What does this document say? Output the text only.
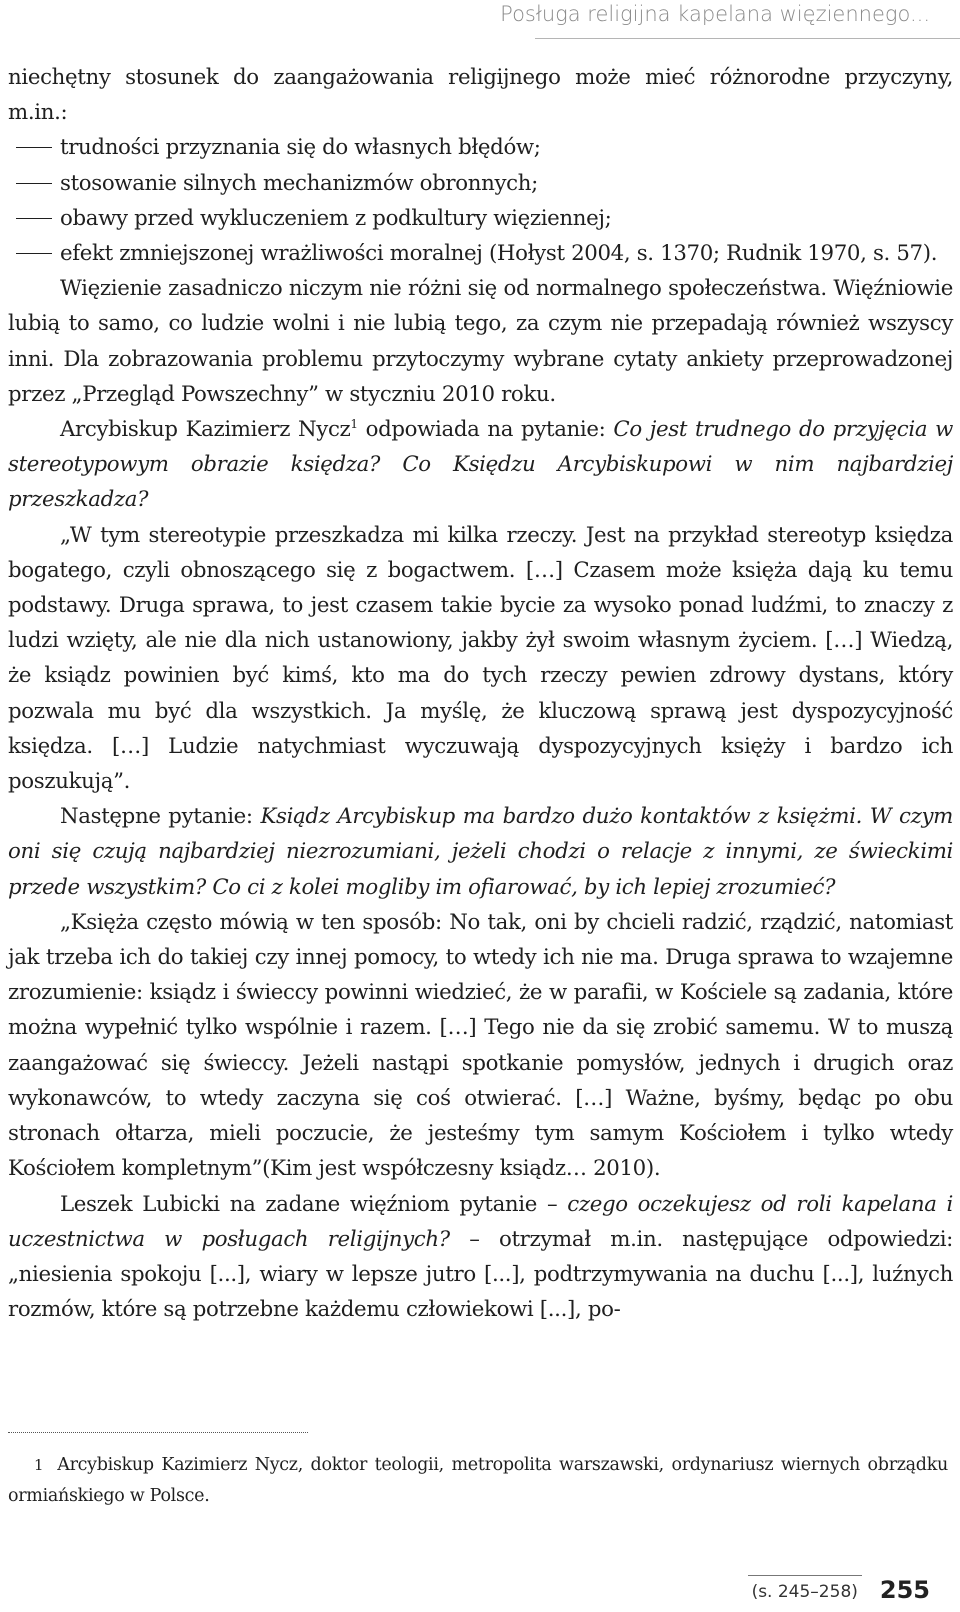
Posługa religijna kapelana więziennego...

niechętny stosunek do zaangażowania religijnego może mieć różnorodne przyczyny, m.in.:

trudności przyznania się do własnych błędów;
stosowanie silnych mechanizmów obronnych;
obawy przed wykluczeniem z podkultury więziennej;
efekt zmniejszonej wrażliwości moralnej (Hołyst 2004, s. 1370; Rudnik 1970, s. 57).

Więzienie zasadniczo niczym nie różni się od normalnego społeczeństwa. Więźniowie lubią to samo, co ludzie wolni i nie lubią tego, za czym nie przepadają również wszyscy inni. Dla zobrazowania problemu przytoczymy wybrane cytaty ankiety przeprowadzonej przez „Przegląd Powszechny” w styczniu 2010 roku.

Arcybiskup Kazimierz Nycz$^1$ odpowiada na pytanie: Co jest trudnego do przyjęcia w stereotypowym obrazie księdza? Co Księdzu Arcybiskupowi w nim najbardziej przeszkadza?

„W tym stereotypie przeszkadza mi kilka rzeczy. Jest na przykład stereotyp księdza bogatego, czyli obnoszącego się z bogactwem. […] Czasem może księża dają ku temu podstawy. Druga sprawa, to jest czasem takie bycie za wysoko ponad ludźmi, to znaczy z ludzi wzięty, ale nie dla nich ustanowiony, jakby żył swoim własnym życiem. […] Wiedzą, że ksiądz powinien być kimś, kto ma do tych rzeczy pewien zdrowy dystans, który pozwala mu być dla wszystkich. Ja myślę, że kluczową sprawą jest dyspozycyjność księdza. […] Ludzie natychmiast wyczuwają dyspozycyjnych księży i bardzo ich poszukują”.

Następne pytanie: Ksiądz Arcybiskup ma bardzo dużo kontaktów z księżmi. W czym oni się czują najbardziej niezrozumiani, jeżeli chodzi o relacje z innymi, ze świeckimi przede wszystkim? Co ci z kolei mogliby im ofiarować, by ich lepiej zrozumieć?

„Księża często mówią w ten sposób: No tak, oni by chcieli radzić, rządzić, natomiast jak trzeba ich do takiej czy innej pomocy, to wtedy ich nie ma. Druga sprawa to wzajemne zrozumienie: ksiądz i świeccy powinni wiedzieć, że w parafii, w Kościele są zadania, które można wypełnić tylko wspólnie i razem. […] Tego nie da się zrobić samemu. W to muszą zaangażować się świeccy. Jeżeli nastąpi spotkanie pomysłów, jednych i drugich oraz wykonawców, to wtedy zaczyna się coś otwierać. […] Ważne, byśmy, będąc po obu stronach ołtarza, mieli poczucie, że jesteśmy tym samym Kościołem i tylko wtedy Kościołem kompletnym”(Kim jest współczesny ksiądz… 2010).

Leszek Lubicki na zadane więźniom pytanie – czego oczekujesz od roli kapelana i uczestnictwa w posługach religijnych? – otrzymał m.in. następujące odpowiedzi: „niesienia spokoju [...], wiary w lepsze jutro [...], podtrzymywania na duchu [...], luźnych rozmów, które są potrzebne każdemu człowiekowi [...], po-

1 Arcybiskup Kazimierz Nycz, doktor teologii, metropolita warszawski, ordynariusz wiernych obrządku ormiańskiego w Polsce.

(s. 245–258) 255
